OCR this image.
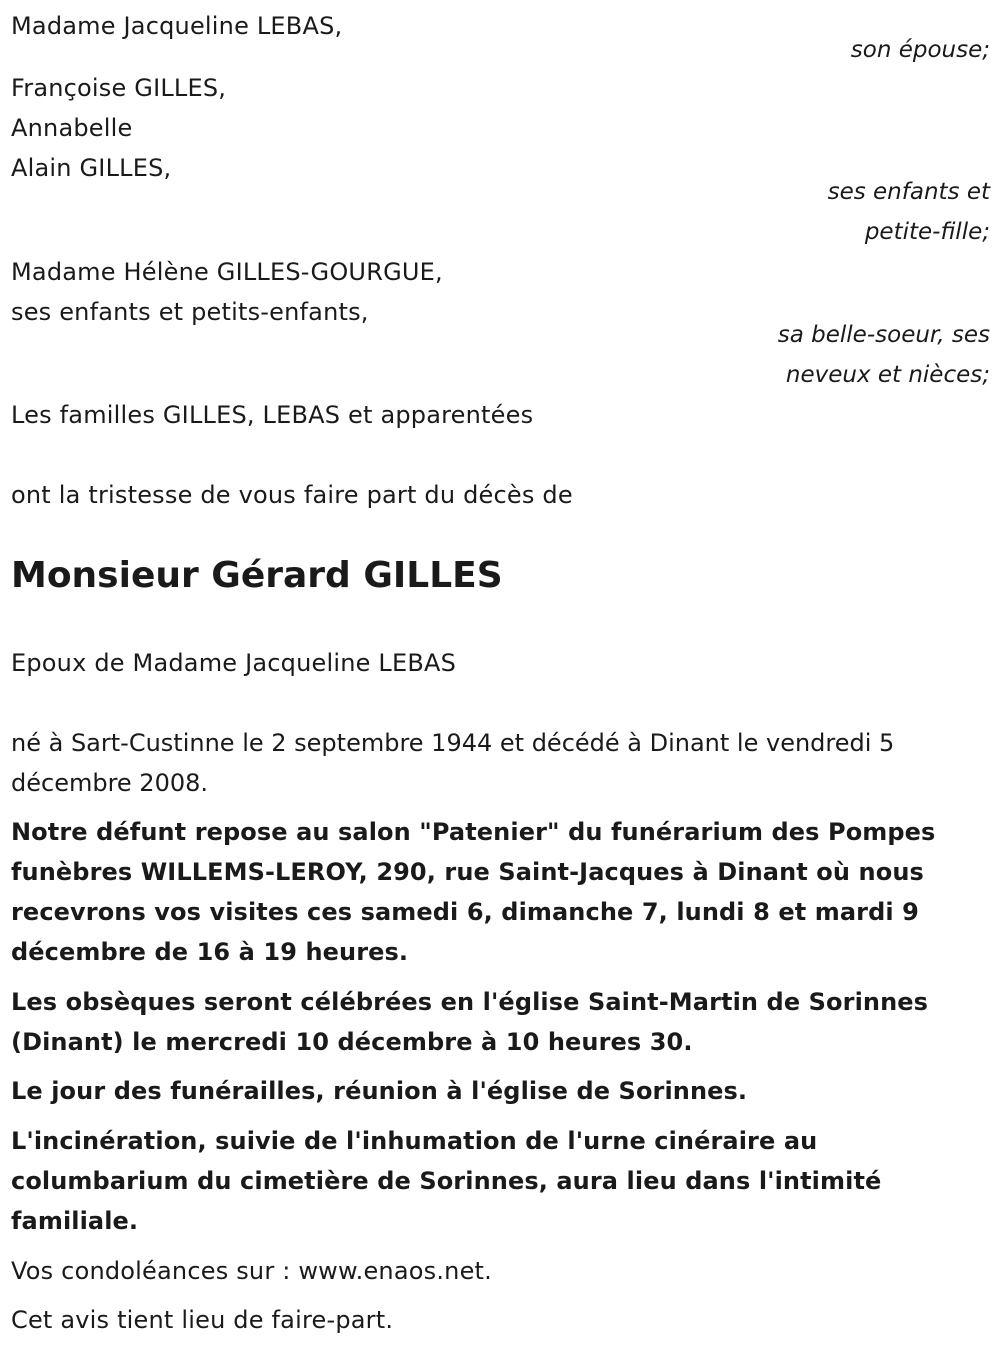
Madame Jacqueline LEBAS,
son épouse;
Françoise GILLES,
Annabelle
Alain GILLES,
ses enfants et
petite-fille;
Madame Hélène GILLES-GOURGUE,
ses enfants et petits-enfants,
sa belle-soeur, ses
neveux et nièces;
Les familles GILLES, LEBAS et apparentées
ont la tristesse de vous faire part du décès de
Monsieur Gérard GILLES
Epoux de Madame Jacqueline LEBAS
né à Sart-Custinne le 2 septembre 1944 et décédé à Dinant le vendredi 5 décembre 2008.
Notre défunt repose au salon "Patenier" du funérarium des Pompes funèbres WILLEMS-LEROY, 290, rue Saint-Jacques à Dinant où nous recevrons vos visites ces samedi 6, dimanche 7, lundi 8 et mardi 9 décembre de 16 à 19 heures.
Les obsèques seront célébrées en l'église Saint-Martin de Sorinnes (Dinant) le mercredi 10 décembre à 10 heures 30.
Le jour des funérailles, réunion à l'église de Sorinnes.
L'incinération, suivie de l'inhumation de l'urne cinéraire au columbarium du cimetière de Sorinnes, aura lieu dans l'intimité familiale.
Vos condoléances sur : www.enaos.net.
Cet avis tient lieu de faire-part.
